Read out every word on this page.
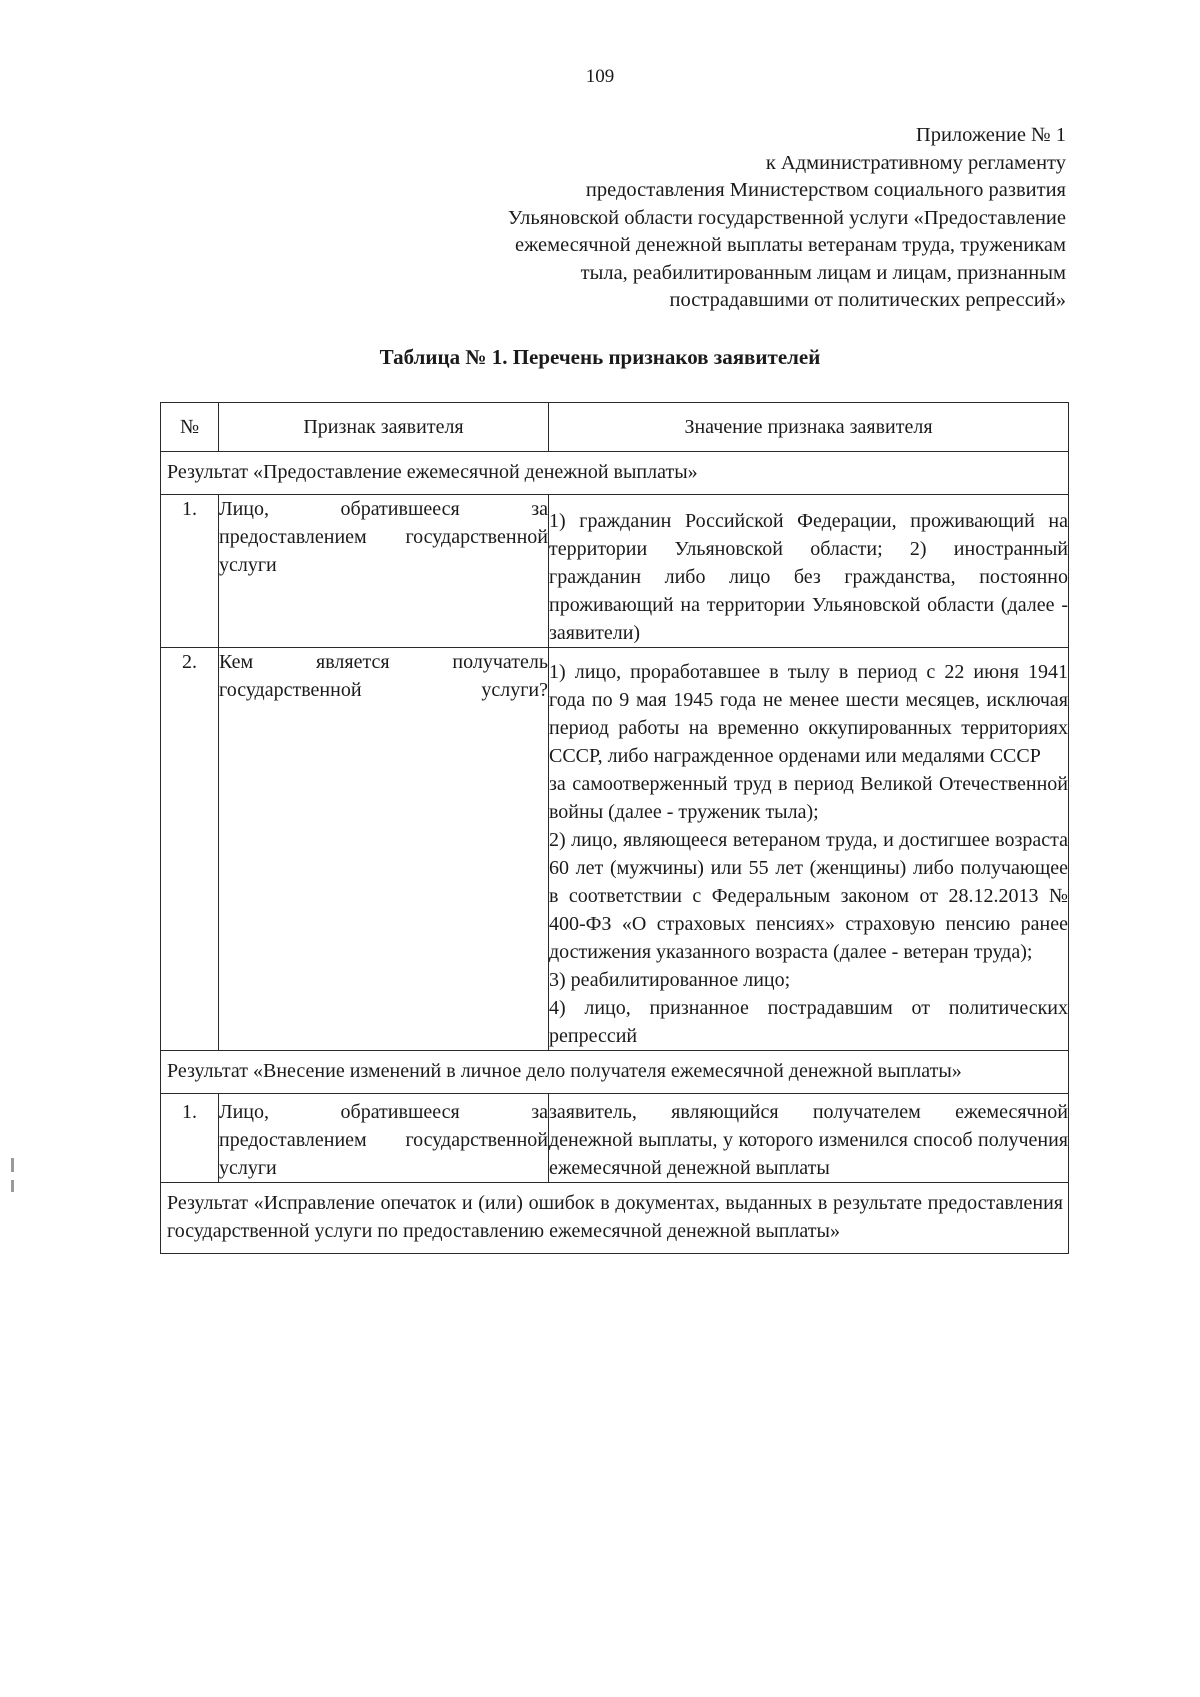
109
Приложение № 1
к Административному регламенту
предоставления Министерством социального развития
Ульяновской области государственной услуги «Предоставление
ежемесячной денежной выплаты ветеранам труда, труженикам
тыла, реабилитированным лицам и лицам, признанным
пострадавшими от политических репрессий»
Таблица № 1. Перечень признаков заявителей
№	Признак заявителя	Значение признака заявителя
Результат «Предоставление ежемесячной денежной выплаты»		
1.	Лицо, обратившееся за предоставлением государственной услуги	1) гражданин Российской Федерации, проживающий на территории Ульяновской области; 2) иностранный гражданин либо лицо без гражданства, постоянно проживающий на территории Ульяновской области (далее - заявители)
2.	Кем является получатель государственной услуги?	1) лицо, проработавшее в тылу в период с 22 июня 1941 года по 9 мая 1945 года не менее шести месяцев, исключая период работы на временно оккупированных территориях СССР, либо награжденное орденами или медалями СССР
за самоотверженный труд в период Великой Отечественной войны (далее - труженик тыла);
2) лицо, являющееся ветераном труда, и достигшее возраста 60 лет (мужчины) или 55 лет (женщины) либо получающее в соответствии с Федеральным законом от 28.12.2013 № 400-ФЗ «О страховых пенсиях» страховую пенсию ранее достижения указанного возраста (далее - ветеран труда);
3) реабилитированное лицо;
4) лицо, признанное пострадавшим от политических репрессий

Результат «Внесение изменений в личное дело получателя ежемесячной денежной выплаты»		
1.	Лицо, обратившееся за предоставлением государственной услуги	заявитель, являющийся получателем ежемесячной денежной выплаты, у которого изменился способ получения ежемесячной денежной выплаты
Результат «Исправление опечаток и (или) ошибок в документах, выданных в результате предоставления государственной услуги по предоставлению ежемесячной денежной выплаты»		
